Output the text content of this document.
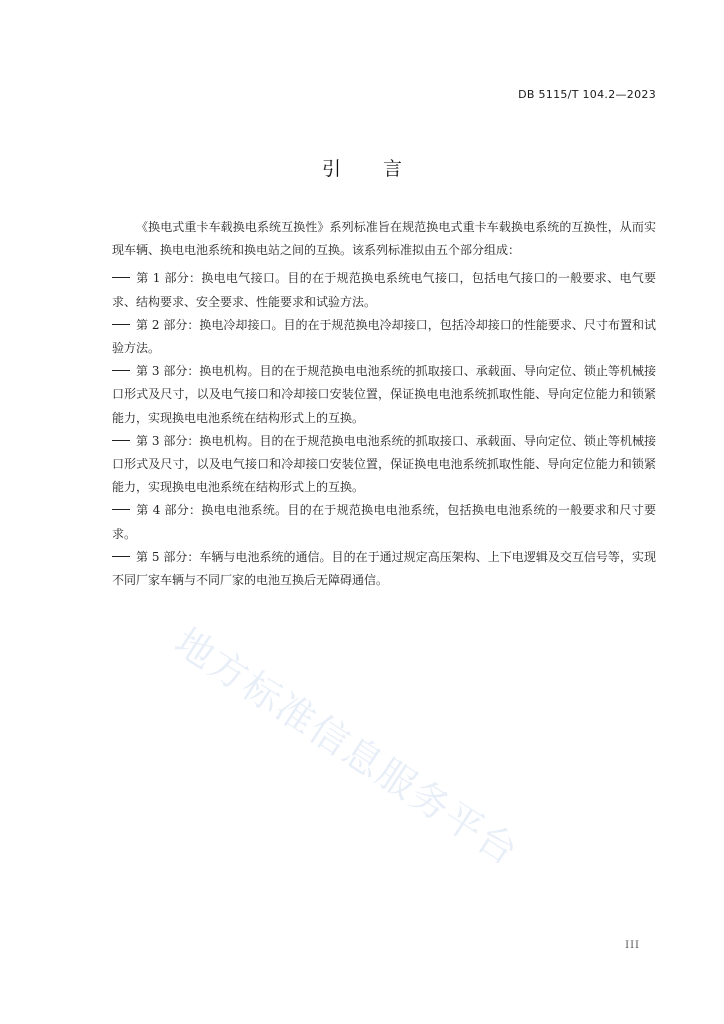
DB 5115/T 104.2—2023
引言

《换电式重卡车载换电系统互换性》系列标准旨在规范换电式重卡车载换电系统的互换性，从而实现车辆、换电电池系统和换电站之间的互换。该系列标准拟由五个部分组成：

第 1 部分：换电电气接口。目的在于规范换电系统电气接口，包括电气接口的一般要求、电气要求、结构要求、安全要求、性能要求和试验方法。
第 2 部分：换电冷却接口。目的在于规范换电冷却接口，包括冷却接口的性能要求、尺寸布置和试验方法。
第 3 部分：换电机构。目的在于规范换电电池系统的抓取接口、承载面、导向定位、锁止等机械接口形式及尺寸，以及电气接口和冷却接口安装位置，保证换电电池系统抓取性能、导向定位能力和锁紧能力，实现换电电池系统在结构形式上的互换。
第 3 部分：换电机构。目的在于规范换电电池系统的抓取接口、承载面、导向定位、锁止等机械接口形式及尺寸，以及电气接口和冷却接口安装位置，保证换电电池系统抓取性能、导向定位能力和锁紧能力，实现换电电池系统在结构形式上的互换。
第 4 部分：换电电池系统。目的在于规范换电电池系统，包括换电电池系统的一般要求和尺寸要求。
第 5 部分：车辆与电池系统的通信。目的在于通过规定高压架构、上下电逻辑及交互信号等，实现不同厂家车辆与不同厂家的电池互换后无障碍通信。
地方标准信息服务平台
III
